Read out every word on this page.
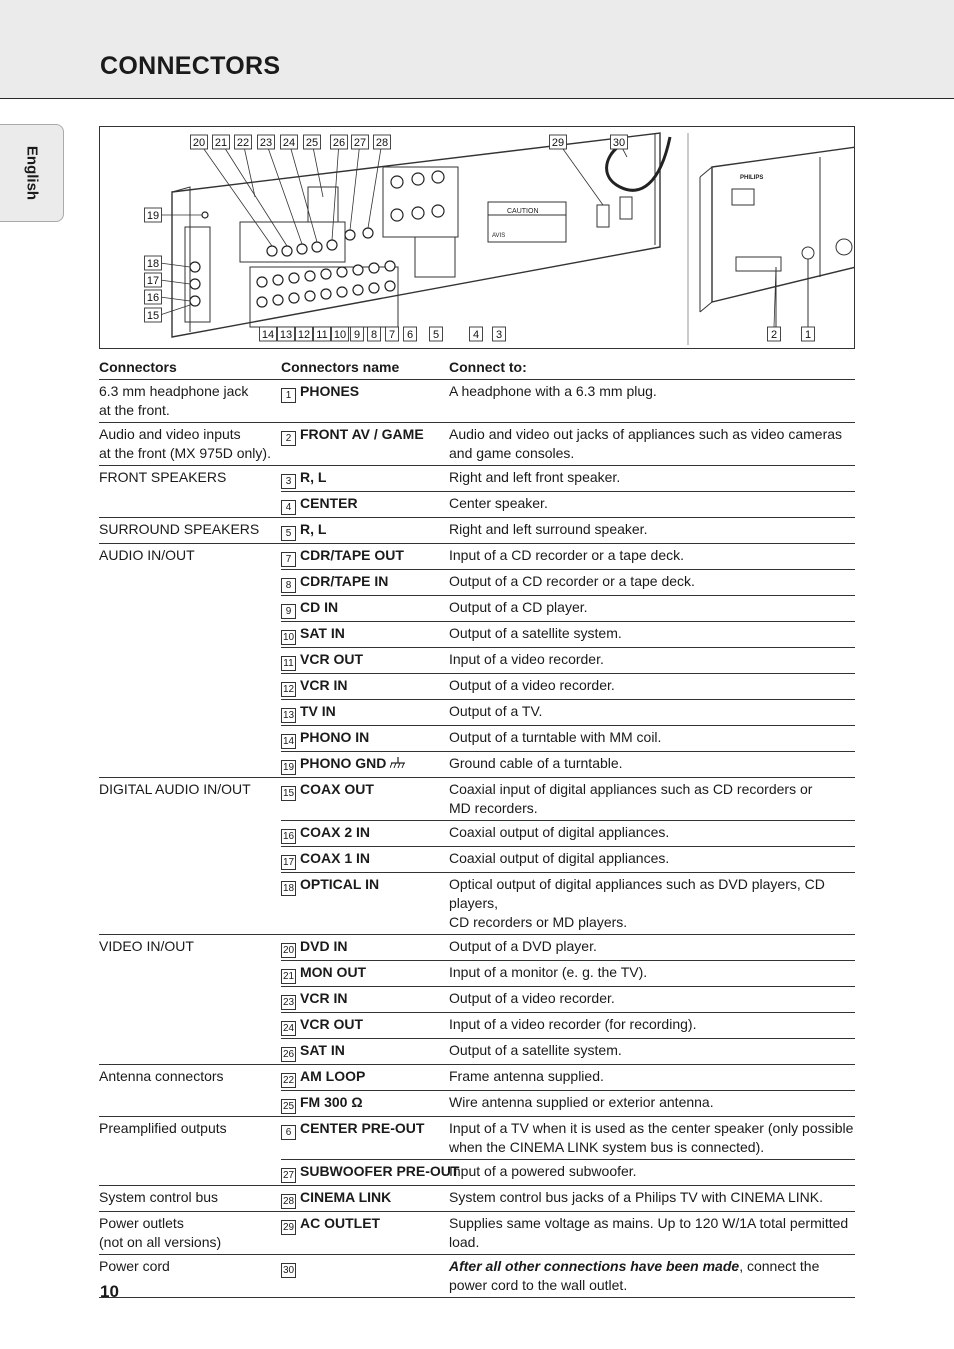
CONNECTORS
English	PHILIPS
CAUTION
AVIS
20 21 22 23 24 25 26 27 28	29	30
19
18
17
16
15
14 13 12 11 10 9 8 7 6 5	4 3	2	1
Connectors	Connectors name	Connect to:
6.3 mm headphone jack
at the front.	1 PHONES	A headphone with a 6.3 mm plug.
Audio and video inputs
at the front (MX 975D only).	2 FRONT AV / GAME	Audio and video out jacks of appliances such as video cameras
and game consoles.
FRONT SPEAKERS	3 R, L	Right and left front speaker.
	4 CENTER	Center speaker.
SURROUND SPEAKERS	5 R, L	Right and left surround speaker.
AUDIO IN/OUT	7 CDR/TAPE OUT	Input of a CD recorder or a tape deck.
	8 CDR/TAPE IN	Output of a CD recorder or a tape deck.
	9 CD IN	Output of a CD player.
	10 SAT IN	Output of a satellite system.
	11 VCR OUT	Input of a video recorder.
	12 VCR IN	Output of a video recorder.
	13 TV IN	Output of a TV.
	14 PHONO IN	Output of a turntable with MM coil.
	19 PHONO GND	Ground cable of a turntable.
DIGITAL AUDIO IN/OUT	15 COAX OUT	Coaxial input of digital appliances such as CD recorders or
MD recorders.
	16 COAX 2 IN	Coaxial output of digital appliances.
	17 COAX 1 IN	Coaxial output of digital appliances.
	18 OPTICAL IN	Optical output of digital appliances such as DVD players, CD players,
CD recorders or MD players.
VIDEO IN/OUT	20 DVD IN	Output of a DVD player.
	21 MON OUT	Input of a monitor (e. g. the TV).
	23 VCR IN	Output of a video recorder.
	24 VCR OUT	Input of a video recorder (for recording).
	26 SAT IN	Output of a satellite system.
Antenna connectors	22 AM LOOP	Frame antenna supplied.
	25 FM 300 Ω	Wire antenna supplied or exterior antenna.
Preamplified outputs	6 CENTER PRE-OUT	Input of a TV when it is used as the center speaker (only possible
when the CINEMA LINK system bus is connected).
	27 SUBWOOFER PRE-OUT	Input of a powered subwoofer.
System control bus	28 CINEMA LINK	System control bus jacks of a Philips TV with CINEMA LINK.
Power outlets
(not on all versions)	29 AC OUTLET	Supplies same voltage as mains. Up to 120 W/1A total permitted
load.
Power cord	30	After all other connections have been made, connect the
power cord to the wall outlet.
10
